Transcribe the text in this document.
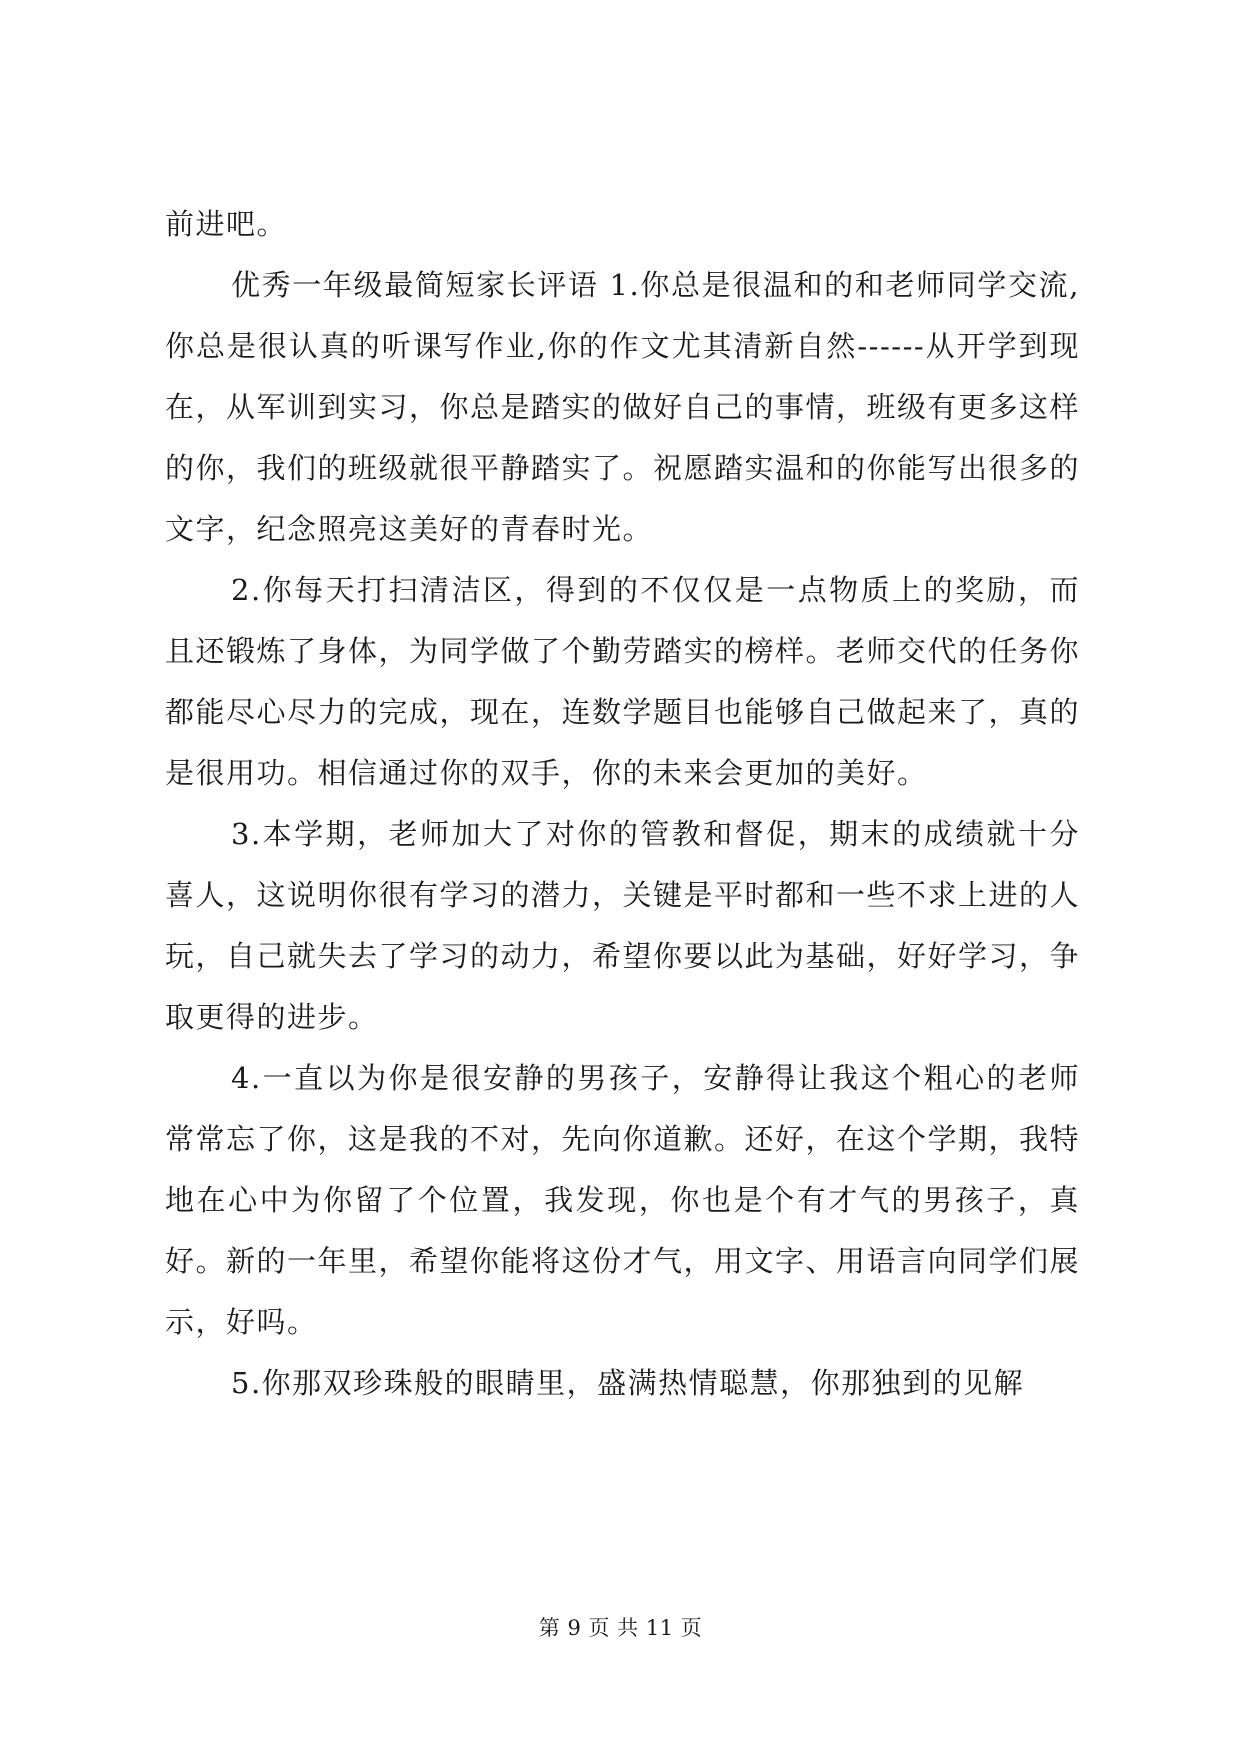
前进吧。

优秀一年级最简短家长评语 1.你总是很温和的和老师同学交流,你总是很认真的听课写作业,你的作文尤其清新自然------从开学到现在，从军训到实习，你总是踏实的做好自己的事情，班级有更多这样的你，我们的班级就很平静踏实了。祝愿踏实温和的你能写出很多的文字，纪念照亮这美好的青春时光。

2.你每天打扫清洁区，得到的不仅仅是一点物质上的奖励，而且还锻炼了身体，为同学做了个勤劳踏实的榜样。老师交代的任务你都能尽心尽力的完成，现在，连数学题目也能够自己做起来了，真的是很用功。相信通过你的双手，你的未来会更加的美好。

3.本学期，老师加大了对你的管教和督促，期末的成绩就十分喜人，这说明你很有学习的潜力，关键是平时都和一些不求上进的人玩，自己就失去了学习的动力，希望你要以此为基础，好好学习，争取更得的进步。

4.一直以为你是很安静的男孩子，安静得让我这个粗心的老师常常忘了你，这是我的不对，先向你道歉。还好，在这个学期，我特地在心中为你留了个位置，我发现，你也是个有才气的男孩子，真好。新的一年里，希望你能将这份才气，用文字、用语言向同学们展示，好吗。

5.你那双珍珠般的眼睛里，盛满热情聪慧，你那独到的见解

第 9 页 共 11 页
